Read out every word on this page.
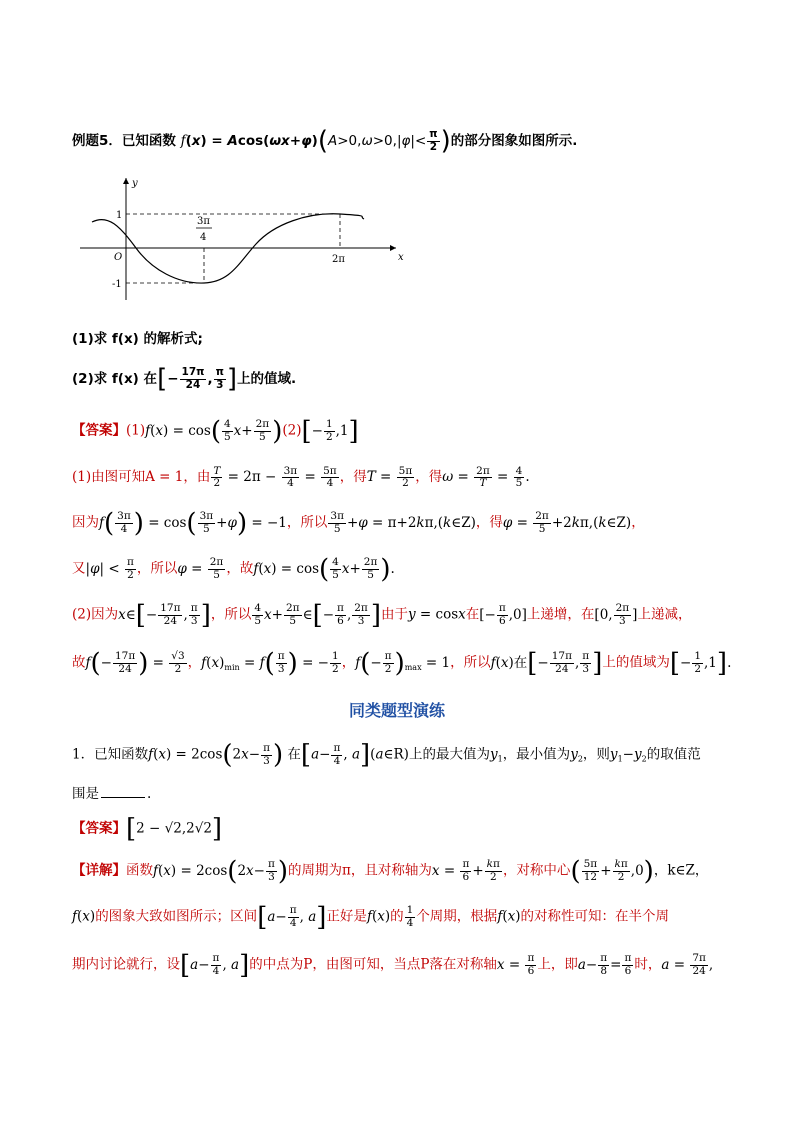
例题5．已知函数 $f(x) = Acos(\omega x+\varphi)(A>0,\omega>0,|\varphi|< \frac{\pi}{2}$ )的部分图象如图所示.
y
x
O
1
-1
2π
3π
4
(1)求 f(x) 的解析式;
(2)求 f(x) 在[− $\frac{17\pi}{24}$ , $\frac{\pi}{3}$ ]上的值域.
【答案】$(1)f(x) = \cos( \frac{4}{5} x+ \frac{2\pi}{5} )(2)[- \frac{1}{2} ,1]$
(1)由图可知A = 1，由 $\frac{T}{2} = 2\pi - \frac{3\pi}{4} = \frac{5\pi}{4}$ ，得$T = \frac{5\pi}{2}$ ，得$\omega = \frac{2\pi}{T} = \frac{4}{5}$ .
因为$f( \frac{3\pi}{4}$ ) = $\cos( \frac{3\pi}{5} +\varphi) = -1$，所以 $\frac{3\pi}{5} +\varphi$ = π+2kπ,(k∈Z)，得$\varphi = \frac{2\pi}{5}$ +2kπ,(k∈Z)，
又$|\varphi| < \frac{\pi}{2}$ ，所以$\varphi = \frac{2\pi}{5}$ ，故$f(x) = \cos( \frac{4}{5} x+ \frac{2\pi}{5}$ ).
(2)因为x∈[− $\frac{17\pi}{24}$ , $\frac{\pi}{3}$ ]，所以 $\frac{4}{5} x+ \frac{2\pi}{5}$ ∈[− $\frac{\pi}{6}$ , $\frac{2\pi}{3}$ ]由于y = cosx在[− $\frac{\pi}{6} ,0$]上递增，在[0, $\frac{2\pi}{3}$ ]上递减，
故$f(- \frac{17\pi}{24}$ ) = $\frac{√3}{2}$ ，$f(x)_{min} = f( \frac{\pi}{3}$ ) = − $\frac{1}{2}$ ，$f(- \frac{\pi}{2} )_{max} = 1$，所以f(x)在[− $\frac{17\pi}{24}$ , $\frac{\pi}{3}$ ]上的值域为[− $\frac{1}{2} ,1$].
同类题型演练
1．已知函数$f(x) = 2\cos(2x- \frac{\pi}{3}$ ) 在[$a- \frac{\pi}{4}$ , a](a∈R)上的最大值为$y_1$，最小值为$y_2$，则$y_1-y_2$的取值范
围是	.
【答案】[2 − √2,2√2]
【详解】函数$f(x) = 2\cos(2x- \frac{\pi}{3}$ )的周期为π，且对称轴为$x = \frac{\pi}{6} + \frac{k\pi}{2}$ ，对称中心( $\frac{5\pi}{12} + \frac{k\pi}{2} ,0$)，k∈Z，
f(x)的图象大致如图所示；区间[$a- \frac{\pi}{4}$ , a]正好是f(x)的 $\frac{1}{4}$ 个周期，根据f(x)的对称性可知：在半个周
期内讨论就行，设[$a- \frac{\pi}{4}$ , a]的中点为P，由图可知，当点P落在对称轴$x = \frac{\pi}{6}$ 上，即$a- \frac{\pi}{8} = \frac{\pi}{6}$ 时，$a = \frac{7\pi}{24}$ ,
